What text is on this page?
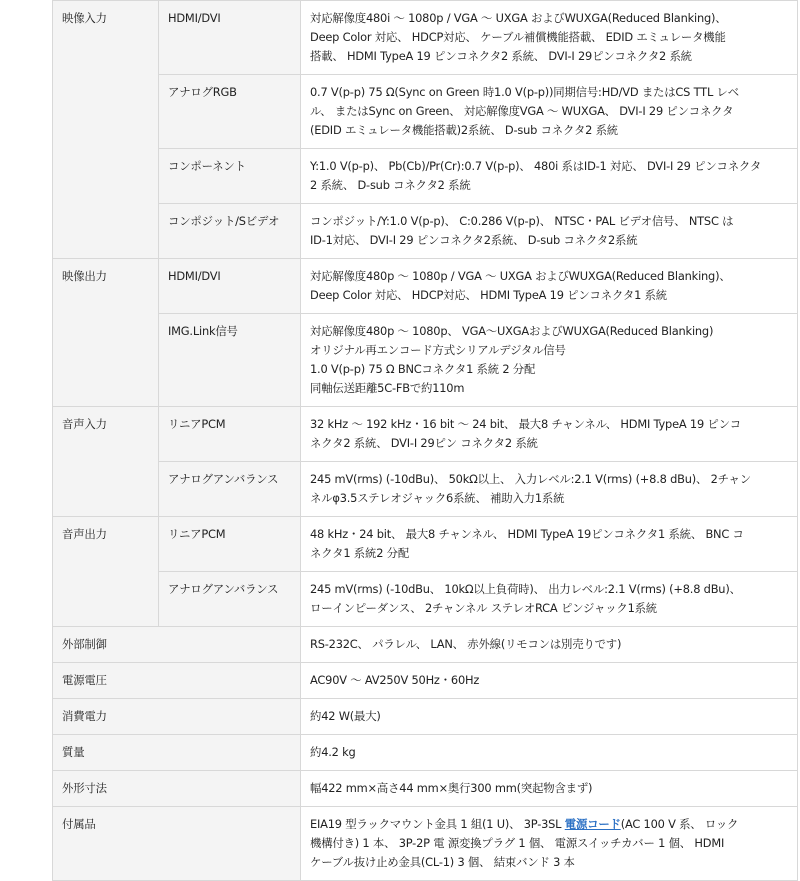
映像入力	HDMI/DVI	対応解像度480i ～ 1080p / VGA ～ UXGA およびWUXGA(Reduced Blanking)、
Deep Color 対応、 HDCP対応、 ケーブル補償機能搭載、 EDID エミュレータ機能
搭載、 HDMI TypeA 19 ピンコネクタ2 系統、 DVI-I 29ピンコネクタ2 系統

	アナログRGB	0.7 V(p-p) 75 Ω(Sync on Green 時1.0 V(p-p))同期信号:HD/VD またはCS TTL レベ
ル、 またはSync on Green、 対応解像度VGA ～ WUXGA、 DVI-I 29 ピンコネクタ
(EDID エミュレータ機能搭載)2系統、 D-sub コネクタ2 系統

	コンポーネント	Y:1.0 V(p-p)、 Pb(Cb)/Pr(Cr):0.7 V(p-p)、 480i 系はID-1 対応、 DVI-I 29 ピンコネクタ
2 系統、 D-sub コネクタ2 系統

	コンポジット/Sビデオ	コンポジット/Y:1.0 V(p-p)、 C:0.286 V(p-p)、 NTSC・PAL ビデオ信号、 NTSC は
ID-1対応、 DVI-I 29 ピンコネクタ2系統、 D-sub コネクタ2系統

映像出力	HDMI/DVI	対応解像度480p ～ 1080p / VGA ～ UXGA およびWUXGA(Reduced Blanking)、
Deep Color 対応、 HDCP対応、 HDMI TypeA 19 ピンコネクタ1 系統

	IMG.Link信号	対応解像度480p ～ 1080p、 VGA～UXGAおよびWUXGA(Reduced Blanking)
オリジナル再エンコード方式シリアルデジタル信号
1.0 V(p-p) 75 Ω BNCコネクタ1 系統 2 分配
同軸伝送距離5C-FBで約110m

音声入力	リニアPCM	32 kHz ～ 192 kHz・16 bit ～ 24 bit、 最大8 チャンネル、 HDMI TypeA 19 ピンコ
ネクタ2 系統、 DVI-I 29ピン コネクタ2 系統

	アナログアンバランス	245 mV(rms) (-10dBu)、 50kΩ以上、 入力レベル:2.1 V(rms) (+8.8 dBu)、 2チャン
ネルφ3.5ステレオジャック6系統、 補助入力1系統

音声出力	リニアPCM	48 kHz・24 bit、 最大8 チャンネル、 HDMI TypeA 19ピンコネクタ1 系統、 BNC コ
ネクタ1 系統2 分配

	アナログアンバランス	245 mV(rms) (-10dBu、 10kΩ以上負荷時)、 出力レベル:2.1 V(rms) (+8.8 dBu)、
ローインピーダンス、 2チャンネル ステレオRCA ピンジャック1系統

外部制御		RS-232C、 パラレル、 LAN、 赤外線(リモコンは別売りです)

電源電圧		AC90V ～ AV250V 50Hz・60Hz

消費電力		約42 W(最大)

質量		約4.2 kg

外形寸法		幅422 mm×高さ44 mm×奥行300 mm(突起物含まず)

付属品		EIA19 型ラックマウント金具 1 組(1 U)、 3P-3SL 電源コード(AC 100 V 系、 ロック
機構付き) 1 本、 3P-2P 電 源変換プラグ 1 個、 電源スイッチカバー 1 個、 HDMI
ケーブル抜け止め金具(CL-1) 3 個、 結束バンド 3 本
